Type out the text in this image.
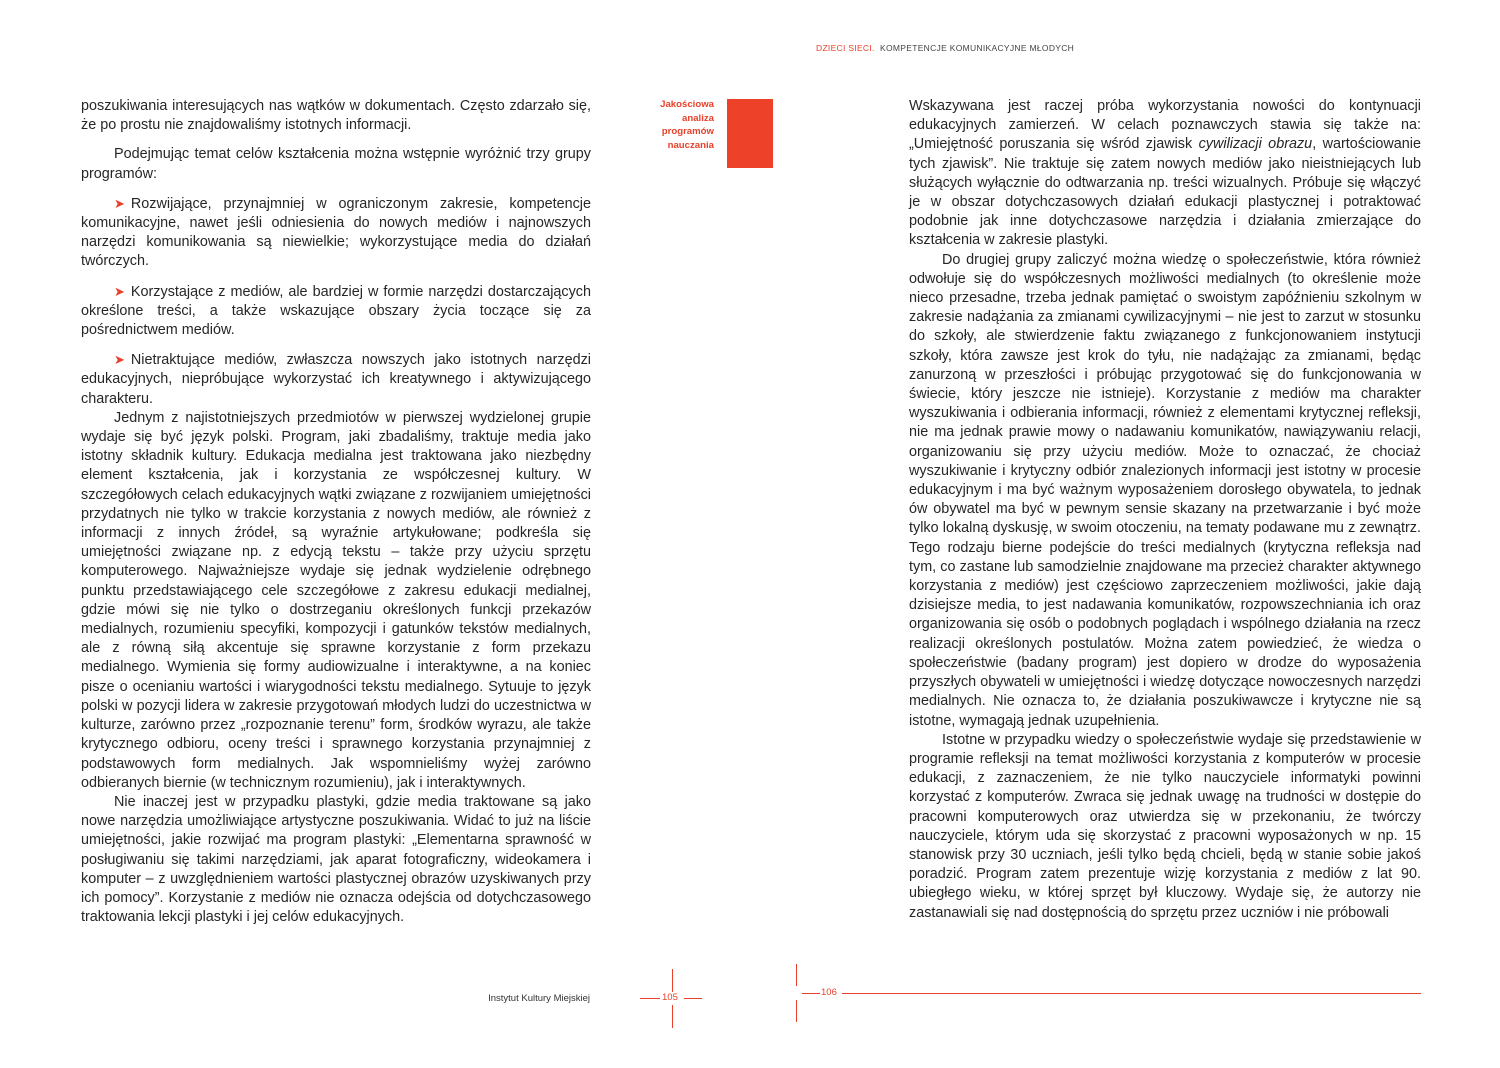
poszukiwania interesujących nas wątków w dokumentach. Często zdarzało się, że po prostu nie znajdowaliśmy istotnych informacji.

Podejmując temat celów kształcenia można wstępnie wyróżnić trzy grupy programów:

➤ Rozwijające, przynajmniej w ograniczonym zakresie, kompetencje komunikacyjne, nawet jeśli odniesienia do nowych mediów i najnowszych narzędzi komunikowania są niewielkie; wykorzystujące media do działań twórczych.

➤ Korzystające z mediów, ale bardziej w formie narzędzi dostarczających określone treści, a także wskazujące obszary życia toczące się za pośrednictwem mediów.

➤ Nietraktujące mediów, zwłaszcza nowszych jako istotnych narzędzi edukacyjnych, niepróbujące wykorzystać ich kreatywnego i aktywizującego charakteru.

Jednym z najistotniejszych przedmiotów w pierwszej wydzielonej grupie wydaje się być język polski. Program, jaki zbadaliśmy, traktuje media jako istotny składnik kultury. Edukacja medialna jest traktowana jako niezbędny element kształcenia, jak i korzystania ze współczesnej kultury. W szczegółowych celach edukacyjnych wątki związane z rozwijaniem umiejętności przydatnych nie tylko w trakcie korzystania z nowych mediów, ale również z informacji z innych źródeł, są wyraźnie artykułowane; podkreśla się umiejętności związane np. z edycją tekstu – także przy użyciu sprzętu komputerowego. Najważniejsze wydaje się jednak wydzielenie odrębnego punktu przedstawiającego cele szczegółowe z zakresu edukacji medialnej, gdzie mówi się nie tylko o dostrzeganiu określonych funkcji przekazów medialnych, rozumieniu specyfiki, kompozycji i gatunków tekstów medialnych, ale z równą siłą akcentuje się sprawne korzystanie z form przekazu medialnego. Wymienia się formy audiowizualne i interaktywne, a na koniec pisze o ocenianiu wartości i wiarygodności tekstu medialnego. Sytuuje to język polski w pozycji lidera w zakresie przygotowań młodych ludzi do uczestnictwa w kulturze, zarówno przez „rozpoznanie terenu” form, środków wyrazu, ale także krytycznego odbioru, oceny treści i sprawnego korzystania przynajmniej z podstawowych form medialnych. Jak wspomnieliśmy wyżej zarówno odbieranych biernie (w technicznym rozumieniu), jak i interaktywnych.

Nie inaczej jest w przypadku plastyki, gdzie media traktowane są jako nowe narzędzia umożliwiające artystyczne poszukiwania. Widać to już na liście umiejętności, jakie rozwijać ma program plastyki: „Elementarna sprawność w posługiwaniu się takimi narzędziami, jak aparat fotograficzny, wideokamera i komputer – z uwzględnieniem wartości plastycznej obrazów uzyskiwanych przy ich pomocy”. Korzystanie z mediów nie oznacza odejścia od dotychczasowego traktowania lekcji plastyki i jej celów edukacyjnych.

Jakościowa
analiza
programów
nauczania
Instytut Kultury Miejskiej	105
DZIECI SIECI. KOMPETENCJE KOMUNIKACYJNE MŁODYCH

Wskazywana jest raczej próba wykorzystania nowości do kontynuacji edukacyjnych zamierzeń. W celach poznawczych stawia się także na: „Umiejętność poruszania się wśród zjawisk cywilizacji obrazu, wartościowanie tych zjawisk”. Nie traktuje się zatem nowych mediów jako nieistniejących lub służących wyłącznie do odtwarzania np. treści wizualnych. Próbuje się włączyć je w obszar dotychczasowych działań edukacji plastycznej i potraktować podobnie jak inne dotychczasowe narzędzia i działania zmierzające do kształcenia w zakresie plastyki.

Do drugiej grupy zaliczyć można wiedzę o społeczeństwie, która również odwołuje się do współczesnych możliwości medialnych (to określenie może nieco przesadne, trzeba jednak pamiętać o swoistym zapóźnieniu szkolnym w zakresie nadążania za zmianami cywilizacyjnymi – nie jest to zarzut w stosunku do szkoły, ale stwierdzenie faktu związanego z funkcjonowaniem instytucji szkoły, która zawsze jest krok do tyłu, nie nadążając za zmianami, będąc zanurzoną w przeszłości i próbując przygotować się do funkcjonowania w świecie, który jeszcze nie istnieje). Korzystanie z mediów ma charakter wyszukiwania i odbierania informacji, również z elementami krytycznej refleksji, nie ma jednak prawie mowy o nadawaniu komunikatów, nawiązywaniu relacji, organizowaniu się przy użyciu mediów. Może to oznaczać, że chociaż wyszukiwanie i krytyczny odbiór znalezionych informacji jest istotny w procesie edukacyjnym i ma być ważnym wyposażeniem dorosłego obywatela, to jednak ów obywatel ma być w pewnym sensie skazany na przetwarzanie i być może tylko lokalną dyskusję, w swoim otoczeniu, na tematy podawane mu z zewnątrz. Tego rodzaju bierne podejście do treści medialnych (krytyczna refleksja nad tym, co zastane lub samodzielnie znajdowane ma przecież charakter aktywnego korzystania z mediów) jest częściowo zaprzeczeniem możliwości, jakie dają dzisiejsze media, to jest nadawania komunikatów, rozpowszechniania ich oraz organizowania się osób o podobnych poglądach i wspólnego działania na rzecz realizacji określonych postulatów. Można zatem powiedzieć, że wiedza o społeczeństwie (badany program) jest dopiero w drodze do wyposażenia przyszłych obywateli w umiejętności i wiedzę dotyczące nowoczesnych narzędzi medialnych. Nie oznacza to, że działania poszukiwawcze i krytyczne nie są istotne, wymagają jednak uzupełnienia.

Istotne w przypadku wiedzy o społeczeństwie wydaje się przedstawienie w programie refleksji na temat możliwości korzystania z komputerów w procesie edukacji, z zaznaczeniem, że nie tylko nauczyciele informatyki powinni korzystać z komputerów. Zwraca się jednak uwagę na trudności w dostępie do pracowni komputerowych oraz utwierdza się w przekonaniu, że twórczy nauczyciele, którym uda się skorzystać z pracowni wyposażonych w np. 15 stanowisk przy 30 uczniach, jeśli tylko będą chcieli, będą w stanie sobie jakoś poradzić. Program zatem prezentuje wizję korzystania z mediów z lat 90. ubiegłego wieku, w której sprzęt był kluczowy. Wydaje się, że autorzy nie zastanawiali się nad dostępnością do sprzętu przez uczniów i nie próbowali

106
